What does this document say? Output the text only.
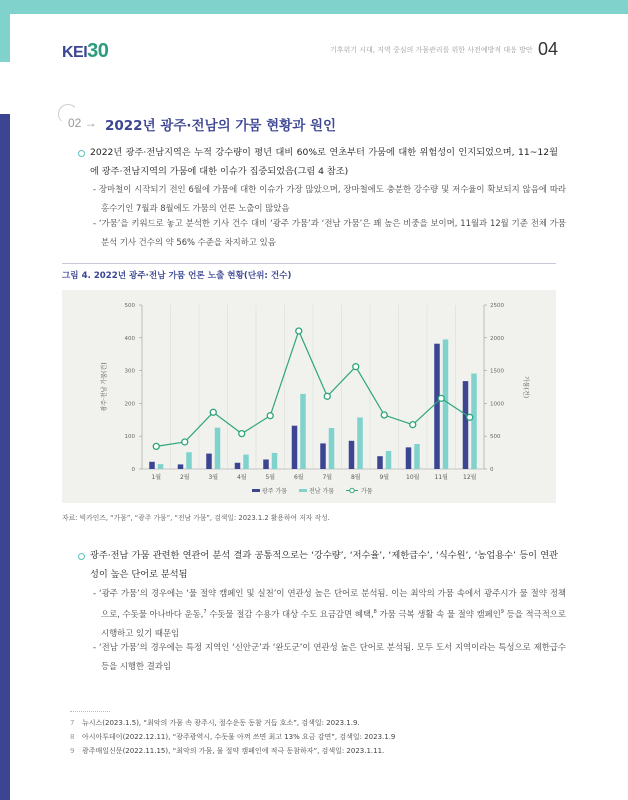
KEI30	기후위기 시대, 지역 중심의 가뭄관리를 위한 사전예방적 대응 방안 04
02 → 2022년 광주·전남의 가뭄 현황과 원인
2022년 광주·전남지역은 누적 강수량이 평년 대비 60%로 연초부터 가뭄에 대한 위험성이 인지되었으며, 11~12월에 광주·전남지역의 가뭄에 대한 이슈가 집중되었음(그림 4 참조)
- 장마철이 시작되기 전인 6월에 가뭄에 대한 이슈가 가장 많았으며, 장마철에도 충분한 강수량 및 저수율이 확보되지 않음에 따라 홍수기인 7월과 8월에도 가뭄의 언론 노출이 많았음
- ‘가뭄’을 키워드로 놓고 분석한 기사 건수 대비 ‘광주 가뭄’과 ‘전남 가뭄’은 꽤 높은 비중을 보이며, 11월과 12월 기준 전체 가뭄 분석 기사 건수의 약 56% 수준을 차지하고 있음
그림 4. 2022년 광주·전남 가뭄 언론 노출 현황(단위: 건수)
0
100
200
300
400
500
0
500
1000
1500
2000
2500
광주·전남 가뭄(건)	가뭄(건)
1월	2월	3월	4월	5월	6월	7월	8월	9월	10월	11월	12월
광주 가뭄	전남 가뭄	가뭄
자료: 빅카인즈, “가뭄”, “광주 가뭄”, “전남 가뭄”, 검색일: 2023.1.2 활용하여 저자 작성.
광주·전남 가뭄 관련한 연관어 분석 결과 공통적으로는 ‘강수량’, ‘저수율’, ‘제한급수’, ‘식수원’, ‘농업용수’ 등이 연관성이 높은 단어로 분석됨
- ‘광주 가뭄’의 경우에는 ‘물 절약 캠페인 및 실천’이 연관성 높은 단어로 분석됨. 이는 최악의 가뭄 속에서 광주시가 물 절약 정책으로, 수돗물 아나바다 운동,$^7$ 수돗물 절감 수용가 대상 수도 요금감면 혜택,$^8$ 가뭄 극복 생활 속 물 절약 캠페인$^9$ 등을 적극적으로 시행하고 있기 때문임
- ‘전남 가뭄’의 경우에는 특정 지역인 ‘신안군’과 ‘완도군’이 연관성 높은 단어로 분석됨. 모두 도서 지역이라는 특성으로 제한급수 등을 시행한 결과임
7 뉴시스(2023.1.5), “최악의 가뭄 속 광주시, 절수운동 동참 거듭 호소”, 검색일: 2023.1.9.
8 아시아투데이(2022.12.11), “광주광역시, 수돗물 아껴 쓰면 최고 13% 요금 감면”, 검색일: 2023.1.9
9 광주매일신문(2022.11.15), “최악의 가뭄, 물 절약 캠페인에 적극 동참하자”, 검색일: 2023.1.11.
